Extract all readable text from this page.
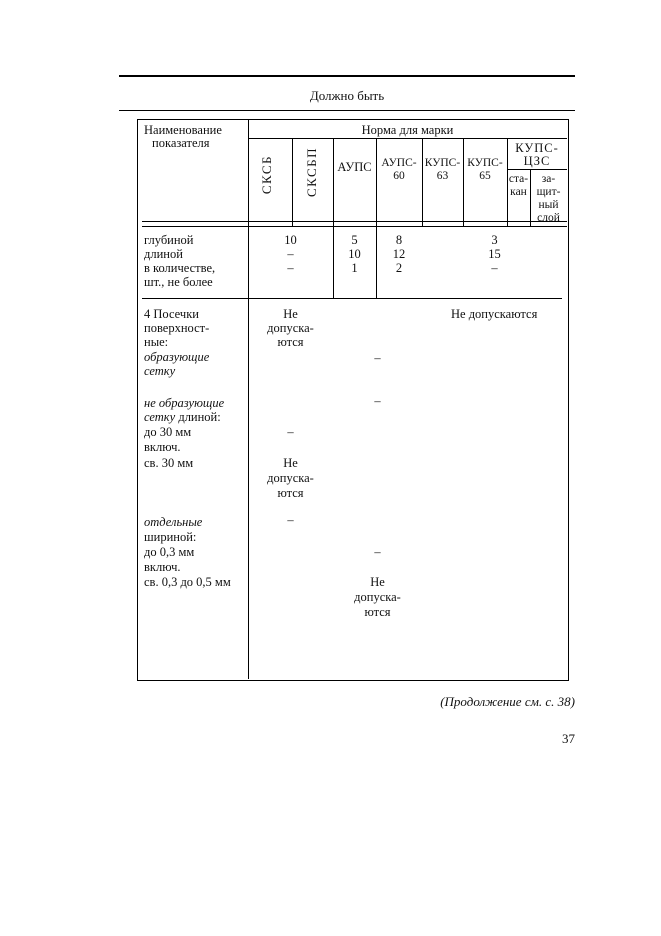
Должно быть
Наименование
показателя
Норма для марки
СКСБ СКСБП	АУПС АУПС-
60
КУПС-
63
КУПС-
65
КУПС-
ЦЗС
ста-
кан
за-
щит-
ный
слой
глубиной
длиной
в количестве,
шт., не более
10
–
–
5
10
1
8
12
2
3
15
–
4 Посечки
поверхност-
ные:
образующие
сетку
не образующие
сетку длиной:
до 30 мм
включ.
св. 30 мм
отдельные
шириной:
до 0,3 мм
включ.
св. 0,3 до 0,5 мм
Не
допуска-
ются
Не допускаются
–
–
–
Не
допуска-
ются
–
–
Не
допуска-
ются
(Продолжение см. с. 38)
37
